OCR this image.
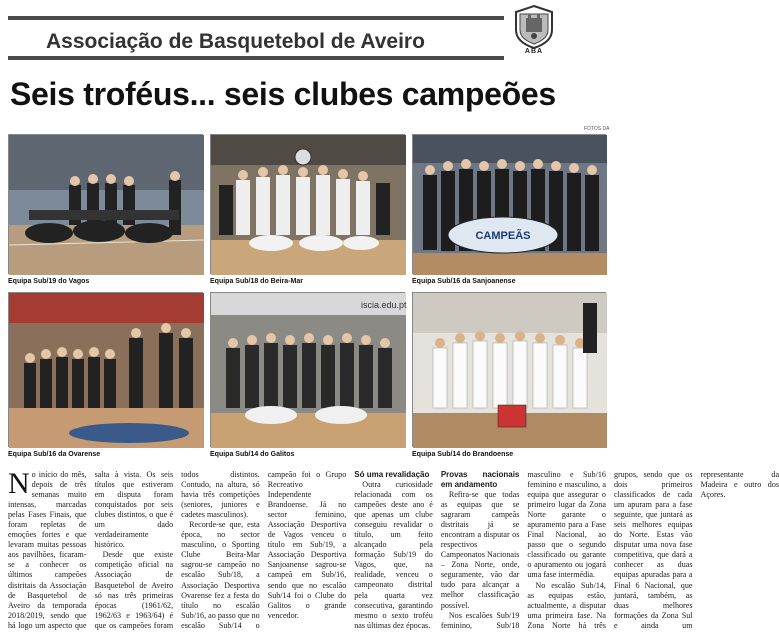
Associação de Basquetebol de Aveiro	ABA
Seis troféus... seis clubes campeões
FOTOS DA
Equipa Sub/19 do Vagos	Equipa Sub/18 do Beira-Mar
CAMPEÃS
Equipa Sub/16 da Sanjoanense
Equipa Sub/16 da Ovarense
iscia.edu.pt
Equipa Sub/14 do Galitos	Equipa Sub/14 do Brandoense

No início do mês, depois de três semanas muito intensas, marcadas pelas Fases Finais, que foram repletas de emoções fortes e que levaram muitas pessoas aos pavilhões, ficaram-se a conhecer os últimos campeões distritais da Associação de Basquetebol de Aveiro da temporada 2018/2019, sendo que há logo um aspecto que salta à vista. Os seis títulos que estiveram em disputa foram conquistados por seis clubes distintos, o que é um dado verdadeiramente histórico.

Desde que existe competição oficial na Associação de Basquetebol de Aveiro só nas três primeiras épocas (1961/62, 1962/63 e 1963/64) é que os campeões foram todos distintos. Contudo, na altura, só havia três competições (seniores, juniores e cadetes masculinos).

Recorde-se que, esta época, no sector masculino, o Sporting Clube Beira-Mar sagrou-se campeão no escalão Sub/18, a Associação Desportiva Ovarense fez a festa do título no escalão Sub/16, ao passo que no escalão Sub/14 o campeão foi o Grupo Recreativo Independente Brandoense. Já no sector feminino, Associação Desportiva de Vagos venceu o título em Sub/19, a Associação Desportiva Sanjoanense sagrou-se campeã em Sub/16, sendo que no escalão Sub/14 foi o Clube do Galitos o grande vencedor.

Só uma revalidação

Outra curiosidade relacionada com os campeões deste ano é que apenas um clube conseguiu revalidar o título, um feito alcançado pela formação Sub/19 do Vagos, que, na realidade, venceu o campeonato distrital pela quarta vez consecutiva, garantindo mesmo o sexto troféu nas últimas dez épocas.

Provas nacionais em andamento

Refira-se que todas as equipas que se sagraram campeãs distritais já se encontram a disputar os respectivos Campeonatos Nacionais – Zona Norte, onde, seguramente, vão dar tudo para alcançar a melhor classificação possível.

Nos escalões Sub/19 feminino, Sub/18 masculino e Sub/16 feminino e masculino, a equipa que assegurar o primeiro lugar da Zona Norte garante o apuramento para a Fase Final Nacional, ao passo que o segundo classificado ou garante o apuramento ou jogará uma fase intermédia.

No escalão Sub/14, as equipas estão, actualmente, a disputar uma primeira fase. Na Zona Norte há três grupos, sendo que os dois primeiros classificados de cada um apuram para a fase seguinte, que juntará as seis melhores equipas do Norte. Estas vão disputar uma nova fase competitiva, que dará a conhecer as duas equipas apuradas para a Final 6 Nacional, que juntará, também, as duas melhores formações da Zona Sul e ainda um representante da Madeira e outro dos Açores.
